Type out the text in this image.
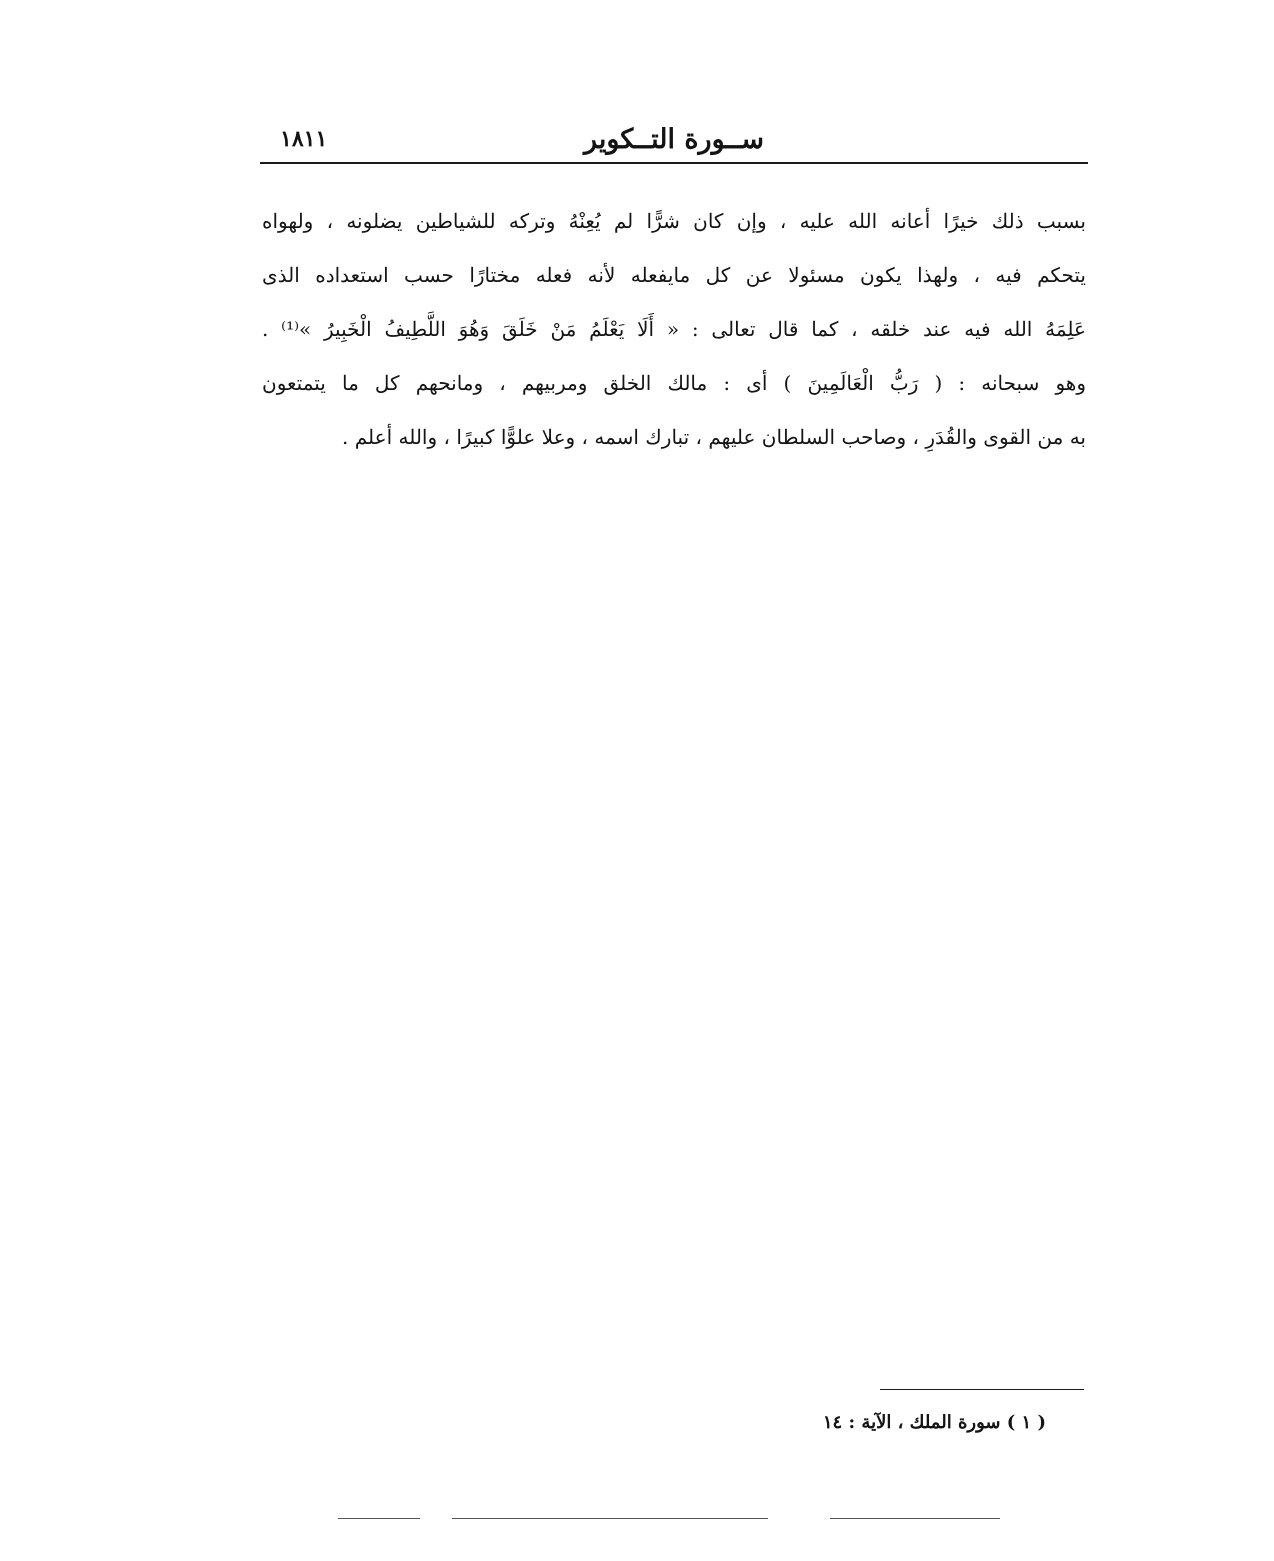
١٨١١	ســورة التــكوير
بسبب ذلك خيرًا أعانه الله عليه ، وإن كان شرًّا لم يُعِنْهُ وتركه للشياطين يضلونه ، ولهواه
يتحكم فيه ، ولهذا يكون مسئولا عن كل مايفعله لأنه فعله مختارًا حسب استعداده الذى
عَلِمَهُ الله فيه عند خلقه ، كما قال تعالى : « أَلَا يَعْلَمُ مَنْ خَلَقَ وَهُوَ اللَّطِيفُ الْخَبِيرُ »⁽¹⁾ .
وهو سبحانه : ( رَبُّ الْعَالَمِينَ ) أى : مالك الخلق ومربيهم ، ومانحهم كل ما يتمتعون
به من القوى والقُدَرِ ، وصاحب السلطان عليهم ، تبارك اسمه ، وعلا علوًّا كبيرًا ، والله أعلم .
( ١ ) سورة الملك ، الآية : ١٤
